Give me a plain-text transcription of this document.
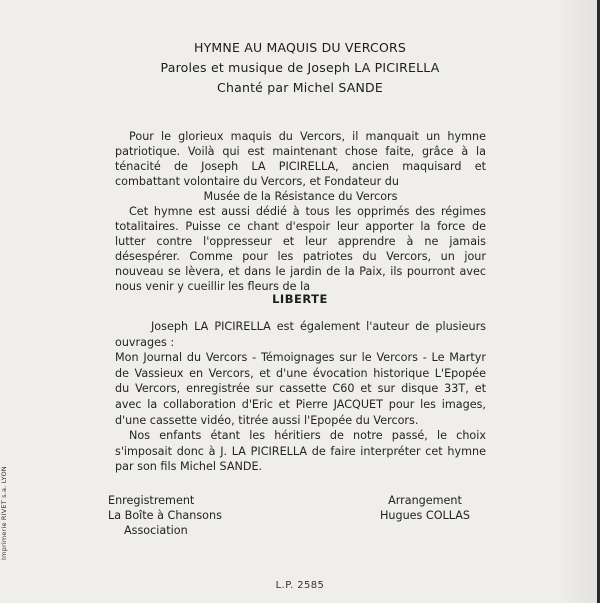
HYMNE AU MAQUIS DU VERCORS
Paroles et musique de Joseph LA PICIRELLA
Chanté par Michel SANDE

Pour le glorieux maquis du Vercors, il manquait un hymne patriotique. Voilà qui est maintenant chose faite, grâce à la ténacité de Joseph LA PICIRELLA, ancien maquisard et combattant volontaire du Vercors, et Fondateur du

Musée de la Résistance du Vercors

Cet hymne est aussi dédié à tous les opprimés des régimes totalitaires. Puisse ce chant d'espoir leur apporter la force de lutter contre l'oppresseur et leur apprendre à ne jamais désespérer. Comme pour les patriotes du Vercors, un jour nouveau se lèvera, et dans le jardin de la Paix, ils pourront avec nous venir y cueillir les fleurs de la

LIBERTE

Joseph LA PICIRELLA est également l'auteur de plusieurs ouvrages :

Mon Journal du Vercors - Témoignages sur le Vercors - Le Martyr de Vassieux en Vercors, et d'une évocation historique L'Epopée du Vercors, enregistrée sur cassette C60 et sur disque 33T, et avec la collaboration d'Eric et Pierre JACQUET pour les images, d'une cassette vidéo, titrée aussi l'Epopée du Vercors.

Nos enfants étant les héritiers de notre passé, le choix s'imposait donc à J. LA PICIRELLA de faire interpréter cet hymne par son fils Michel SANDE.

Enregistrement
La Boîte à Chansons
Association
Arrangement
Hugues COLLAS
Imprimerie RIVET s.a. LYON
L.P. 2585
